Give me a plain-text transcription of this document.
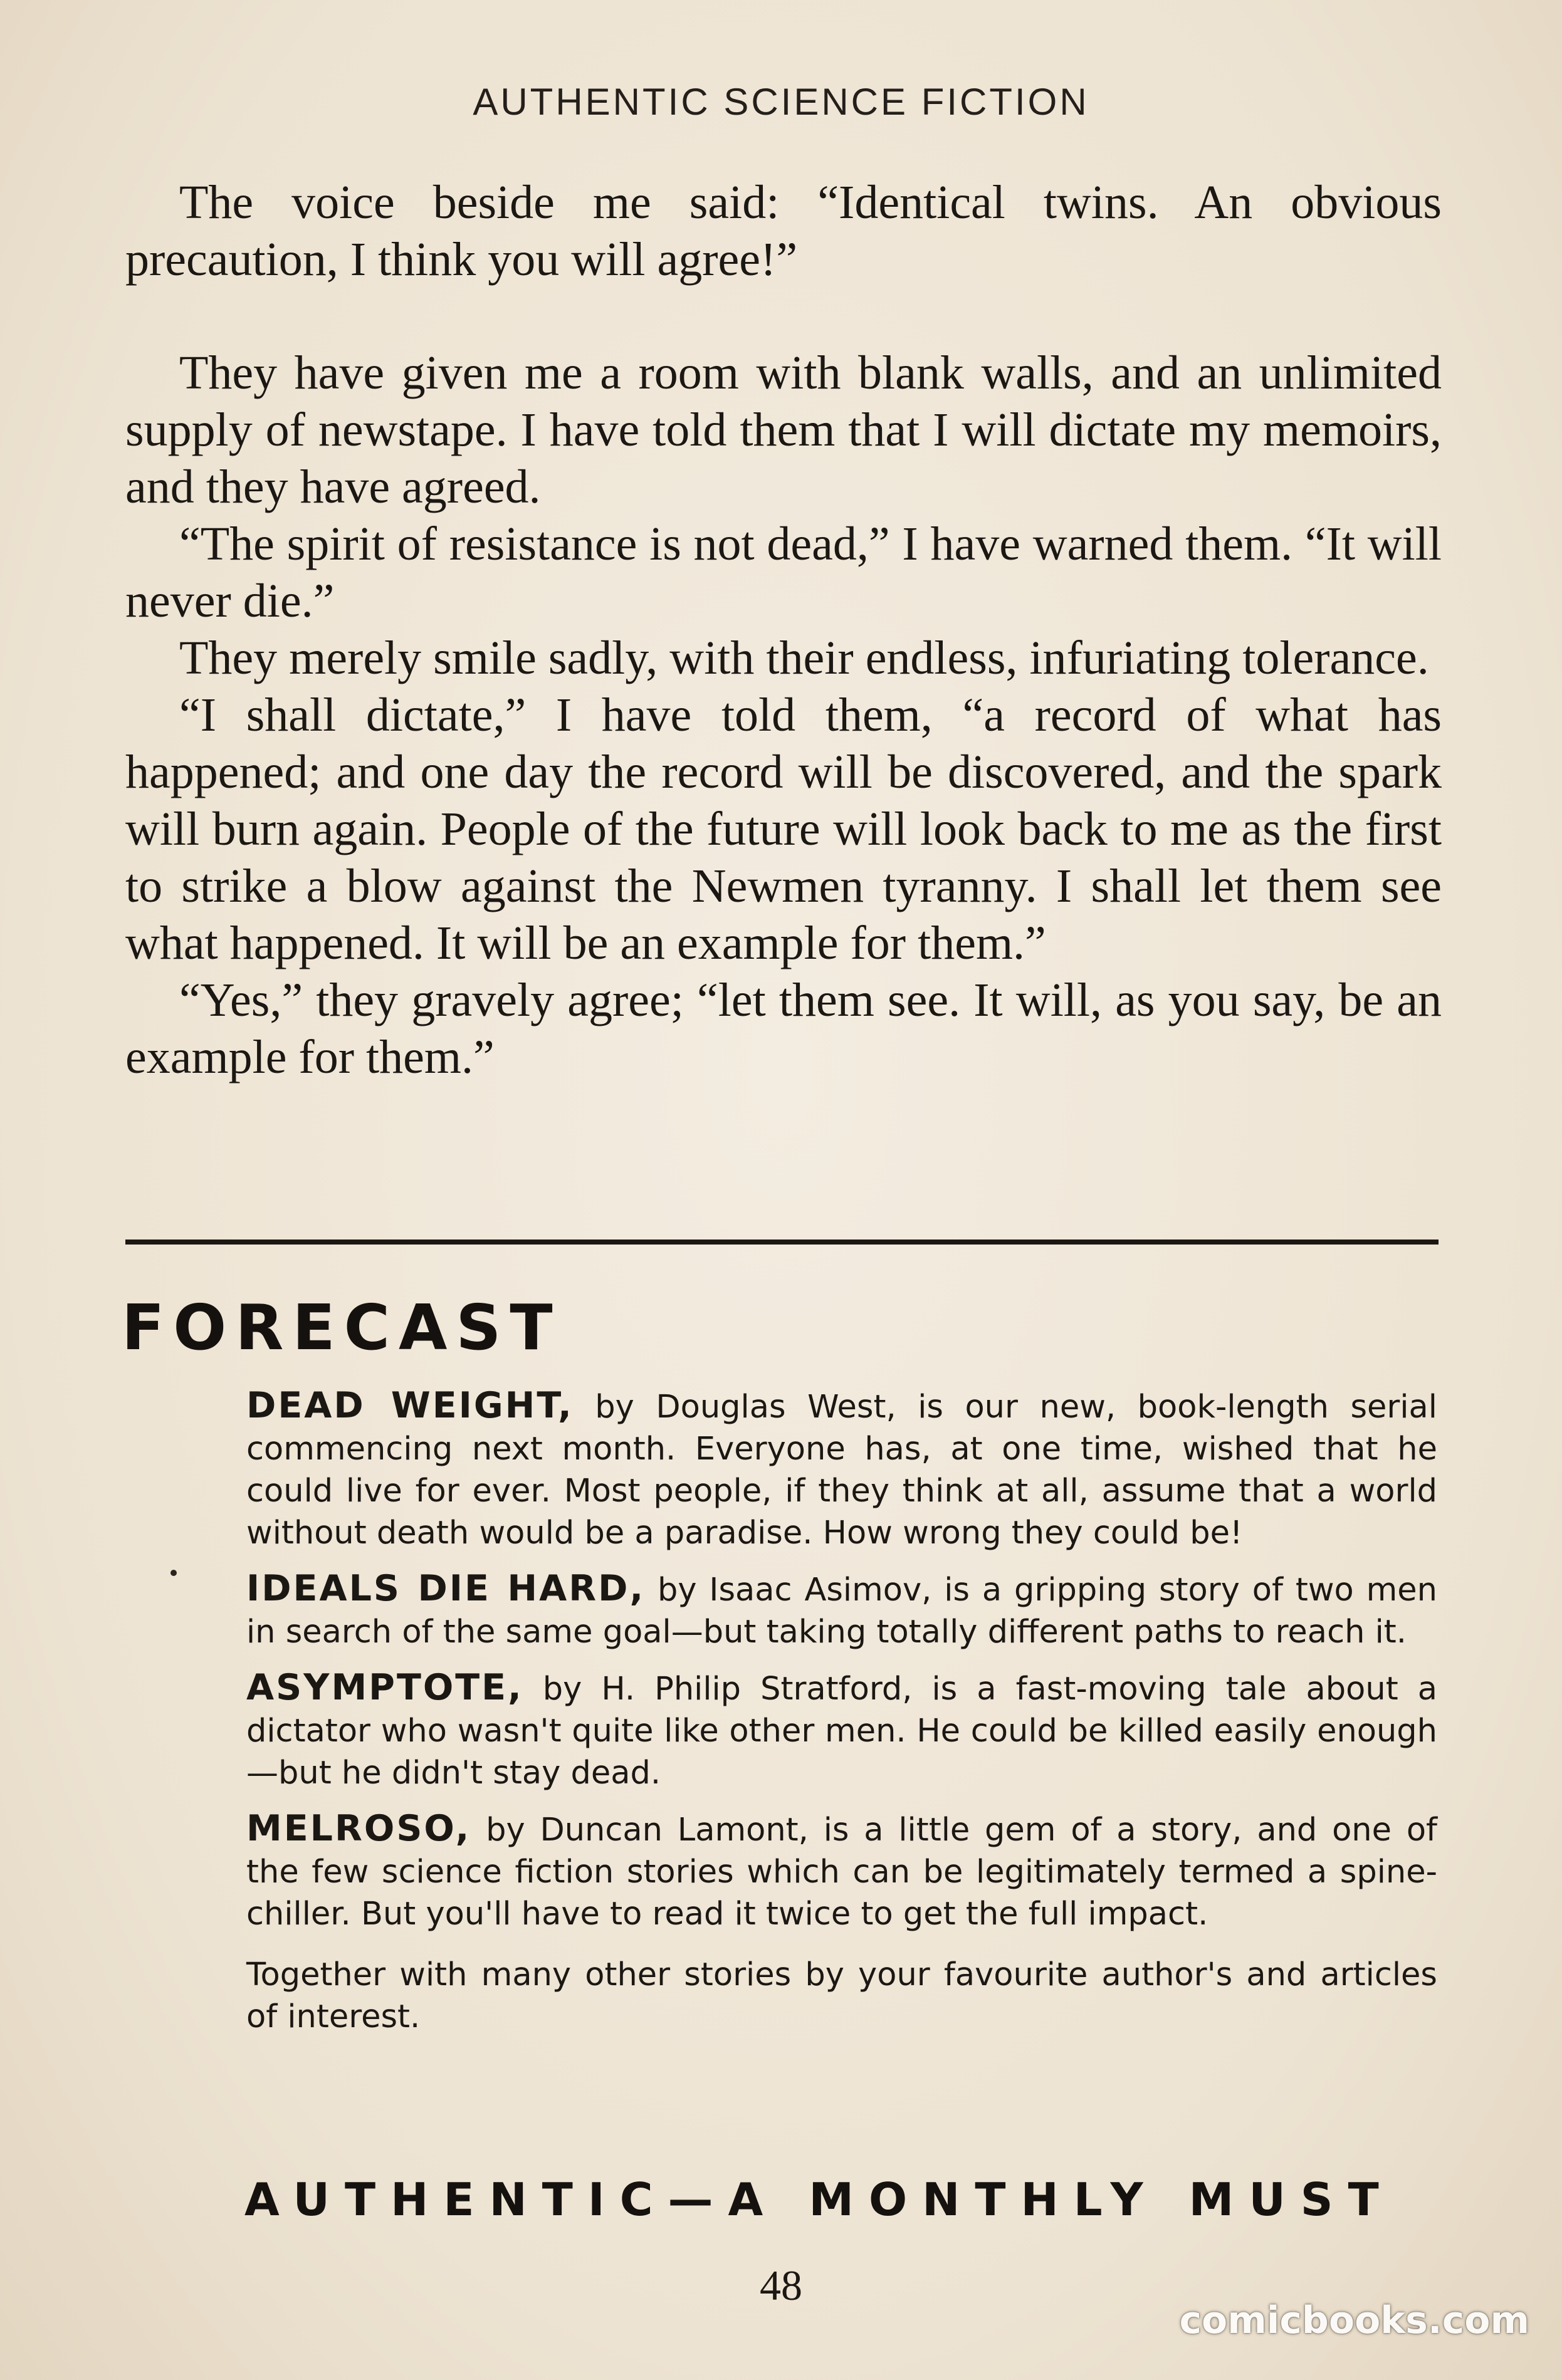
AUTHENTIC SCIENCE FICTION

The voice beside me said: “Identical twins. An obvious precaution, I think you will agree!”

They have given me a room with blank walls, and an unlimited supply of newstape. I have told them that I will dictate my memoirs, and they have agreed.

“The spirit of resistance is not dead,” I have warned them. “It will never die.”

They merely smile sadly, with their endless, infuriating tolerance.

“I shall dictate,” I have told them, “a record of what has happened; and one day the record will be discovered, and the spark will burn again. People of the future will look back to me as the first to strike a blow against the Newmen tyranny. I shall let them see what happened. It will be an example for them.”

“Yes,” they gravely agree; “let them see. It will, as you say, be an example for them.”

FORECAST

DEAD WEIGHT, by Douglas West, is our new, book-length serial commencing next month. Everyone has, at one time, wished that he could live for ever. Most people, if they think at all, assume that a world without death would be a paradise. How wrong they could be!

IDEALS DIE HARD, by Isaac Asimov, is a gripping story of two men in search of the same goal—but taking totally different paths to reach it.

ASYMPTOTE, by H. Philip Stratford, is a fast-moving tale about a dictator who wasn't quite like other men. He could be killed easily enough—but he didn't stay dead.

MELROSO, by Duncan Lamont, is a little gem of a story, and one of the few science fiction stories which can be legitimately termed a spine-chiller. But you'll have to read it twice to get the full impact.

Together with many other stories by your favourite author's and articles of interest.

AUTHENTIC—A MONTHLY MUST
48
comicbooks.com
